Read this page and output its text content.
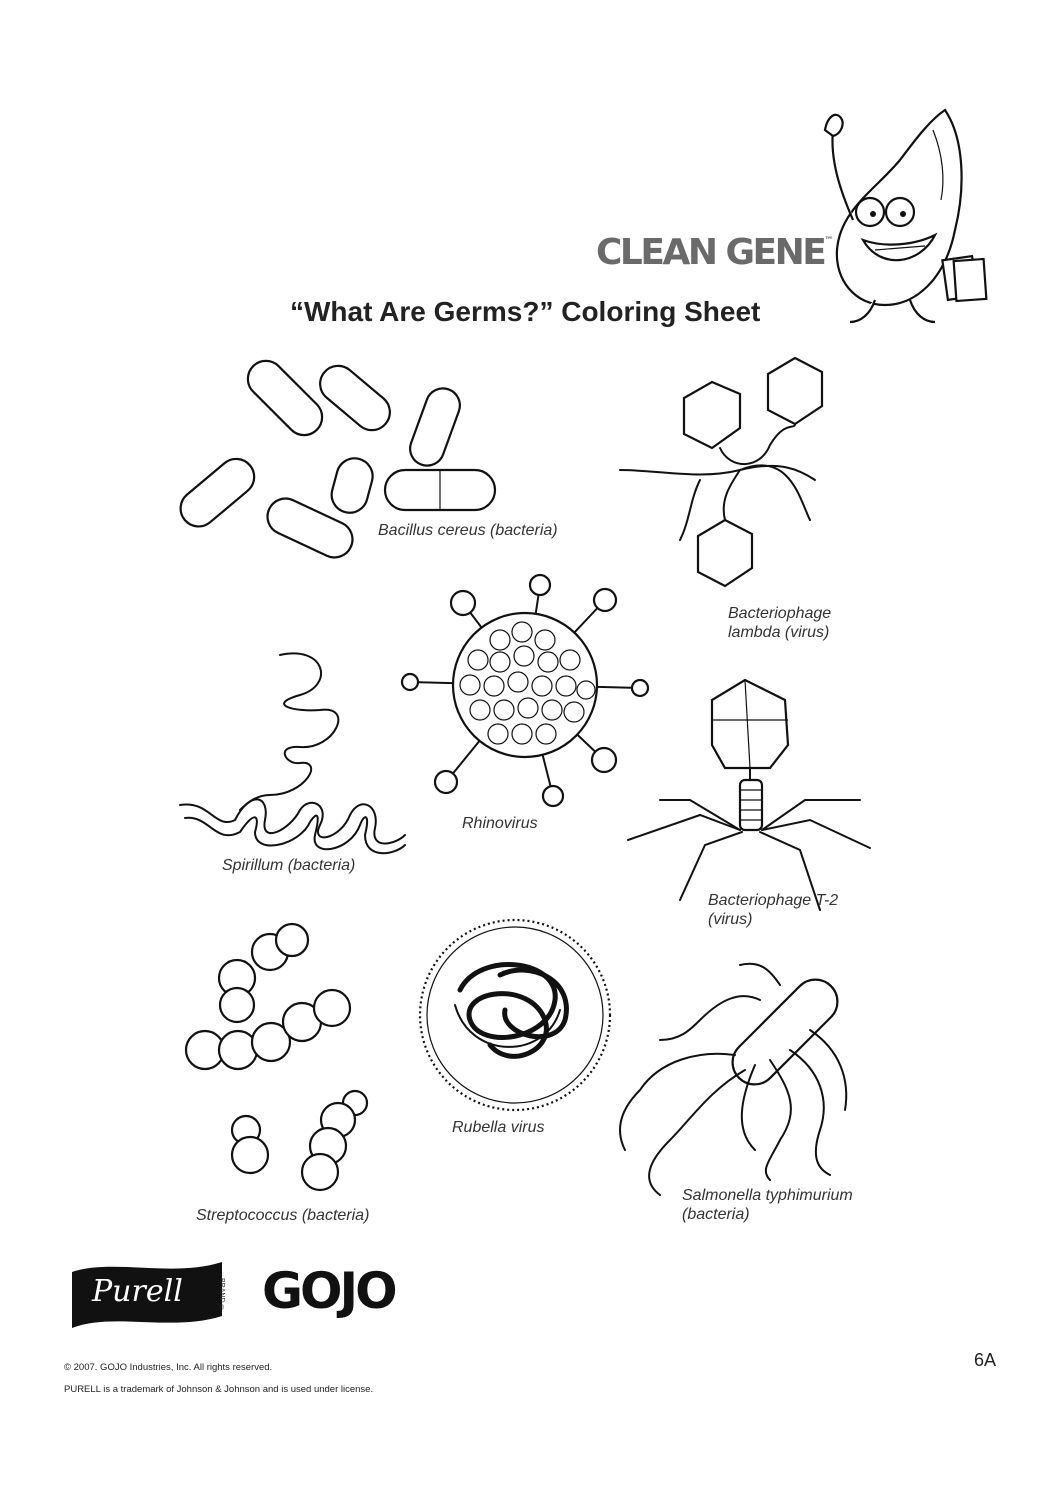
CLEAN GENE™
“What Are Germs?” Coloring Sheet
Bacillus cereus (bacteria)
Bacteriophage
lambda (virus)
Rhinovirus
Spirillum (bacteria)
Bacteriophage T-2
(virus)
Streptococcus (bacteria)
Rubella virus
Salmonella typhimurium
(bacteria)
Purell	BRAND ® GOJO
© 2007. GOJO Industries, Inc. All rights reserved.
PURELL is a trademark of Johnson & Johnson and is used under license.
6A
